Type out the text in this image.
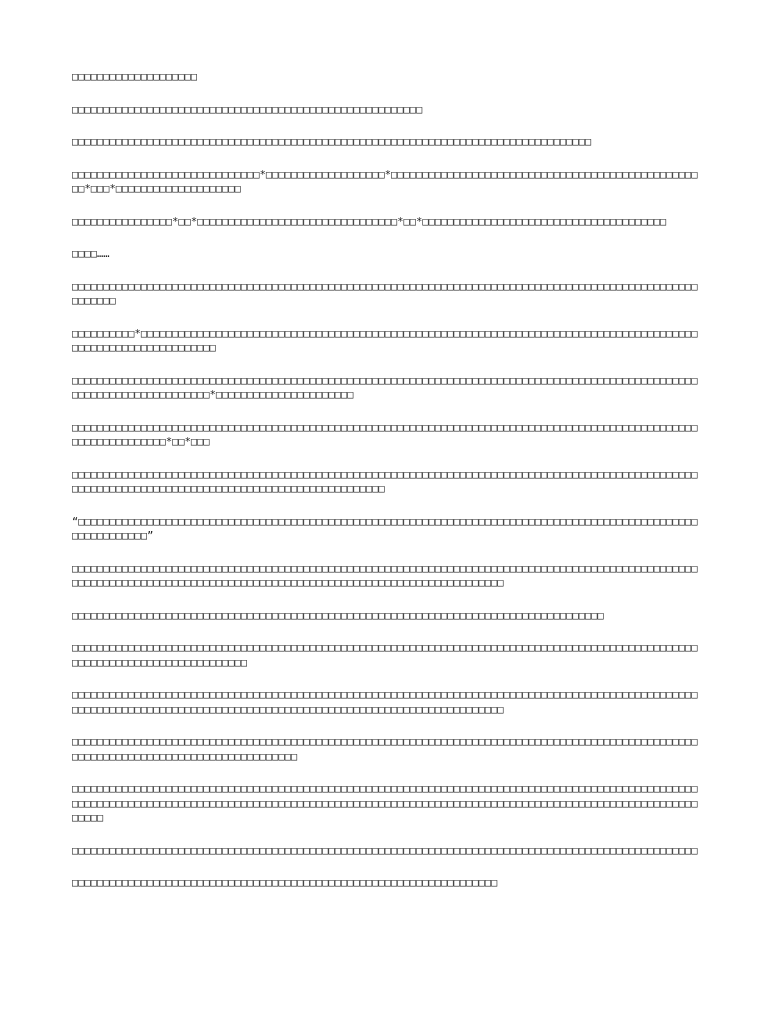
□□□□□□□□□□□□□□□□□□□□

□□□□□□□□□□□□□□□□□□□□□□□□□□□□□□□□□□□□□□□□□□□□□□□□□□□□□□□□

□□□□□□□□□□□□□□□□□□□□□□□□□□□□□□□□□□□□□□□□□□□□□□□□□□□□□□□□□□□□□□□□□□□□□□□□□□□□□□□□□□□

□□□□□□□□□□□□□□□□□□□□□□□□□□□□□□*□□□□□□□□□□□□□□□□□□□*□□□□□□□□□□□□□□□□□□□□□□□□□□□□□□□□□□□□□□□□□□□□□□□□□□□*□□□*□□□□□□□□□□□□□□□□□□□□

□□□□□□□□□□□□□□□□*□□*□□□□□□□□□□□□□□□□□□□□□□□□□□□□□□□□*□□*□□□□□□□□□□□□□□□□□□□□□□□□□□□□□□□□□□□□□□□

□□□□……

□□□□□□□□□□□□□□□□□□□□□□□□□□□□□□□□□□□□□□□□□□□□□□□□□□□□□□□□□□□□□□□□□□□□□□□□□□□□□□□□□□□□□□□□□□□□□□□□□□□□□□□□□□□

□□□□□□□□□□*□□□□□□□□□□□□□□□□□□□□□□□□□□□□□□□□□□□□□□□□□□□□□□□□□□□□□□□□□□□□□□□□□□□□□□□□□□□□□□□□□□□□□□□□□□□□□□□□□□□□□□□□□□□□□□□□

□□□□□□□□□□□□□□□□□□□□□□□□□□□□□□□□□□□□□□□□□□□□□□□□□□□□□□□□□□□□□□□□□□□□□□□□□□□□□□□□□□□□□□□□□□□□□□□□□□□□□□□□□□□□□□□□□□□□□□□□□□*□□□□□□□□□□□□□□□□□□□□□□

□□□□□□□□□□□□□□□□□□□□□□□□□□□□□□□□□□□□□□□□□□□□□□□□□□□□□□□□□□□□□□□□□□□□□□□□□□□□□□□□□□□□□□□□□□□□□□□□□□□□□□□□□□□□□□□□□□□*□□*□□□

□□□□□□□□□□□□□□□□□□□□□□□□□□□□□□□□□□□□□□□□□□□□□□□□□□□□□□□□□□□□□□□□□□□□□□□□□□□□□□□□□□□□□□□□□□□□□□□□□□□□□□□□□□□□□□□□□□□□□□□□□□□□□□□□□□□□□□□□□□□□□□□□□□□□□□

“□□□□□□□□□□□□□□□□□□□□□□□□□□□□□□□□□□□□□□□□□□□□□□□□□□□□□□□□□□□□□□□□□□□□□□□□□□□□□□□□□□□□□□□□□□□□□□□□□□□□□□□□□□□□□□□”

□□□□□□□□□□□□□□□□□□□□□□□□□□□□□□□□□□□□□□□□□□□□□□□□□□□□□□□□□□□□□□□□□□□□□□□□□□□□□□□□□□□□□□□□□□□□□□□□□□□□□□□□□□□□□□□□□□□□□□□□□□□□□□□□□□□□□□□□□□□□□□□□□□□□□□□□□□□□□□□□□□□□□□□□□

□□□□□□□□□□□□□□□□□□□□□□□□□□□□□□□□□□□□□□□□□□□□□□□□□□□□□□□□□□□□□□□□□□□□□□□□□□□□□□□□□□□□□

□□□□□□□□□□□□□□□□□□□□□□□□□□□□□□□□□□□□□□□□□□□□□□□□□□□□□□□□□□□□□□□□□□□□□□□□□□□□□□□□□□□□□□□□□□□□□□□□□□□□□□□□□□□□□□□□□□□□□□□□□□□□□□□□

□□□□□□□□□□□□□□□□□□□□□□□□□□□□□□□□□□□□□□□□□□□□□□□□□□□□□□□□□□□□□□□□□□□□□□□□□□□□□□□□□□□□□□□□□□□□□□□□□□□□□□□□□□□□□□□□□□□□□□□□□□□□□□□□□□□□□□□□□□□□□□□□□□□□□□□□□□□□□□□□□□□□□□□□□

□□□□□□□□□□□□□□□□□□□□□□□□□□□□□□□□□□□□□□□□□□□□□□□□□□□□□□□□□□□□□□□□□□□□□□□□□□□□□□□□□□□□□□□□□□□□□□□□□□□□□□□□□□□□□□□□□□□□□□□□□□□□□□□□□□□□□□□□

□□□□□□□□□□□□□□□□□□□□□□□□□□□□□□□□□□□□□□□□□□□□□□□□□□□□□□□□□□□□□□□□□□□□□□□□□□□□□□□□□□□□□□□□□□□□□□□□□□□□□□□□□□□□□□□□□□□□□□□□□□□□□□□□□□□□□□□□□□□□□□□□□□□□□□□□□□□□□□□□□□□□□□□□□□□□□□□□□□□□□□□□□□□□□□□□□□□□□□□□□□□□□

□□□□□□□□□□□□□□□□□□□□□□□□□□□□□□□□□□□□□□□□□□□□□□□□□□□□□□□□□□□□□□□□□□□□□□□□□□□□□□□□□□□□□□□□□□□□□□□□□□□□

□□□□□□□□□□□□□□□□□□□□□□□□□□□□□□□□□□□□□□□□□□□□□□□□□□□□□□□□□□□□□□□□□□□□
